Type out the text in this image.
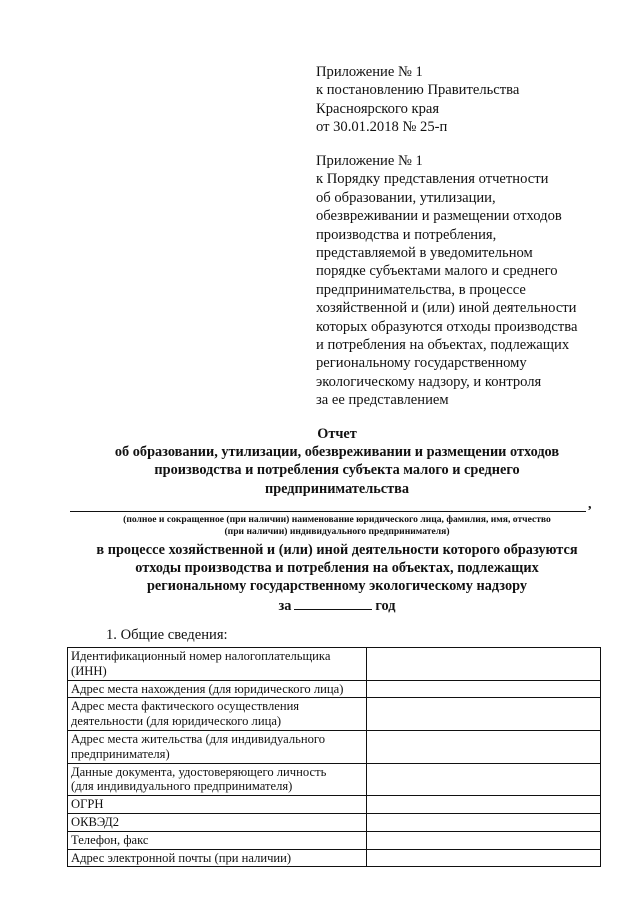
Приложение № 1
к постановлению Правительства
Красноярского края
от 30.01.2018 № 25-п
Приложение № 1
к Порядку представления отчетности
об образовании, утилизации,
обезвреживании и размещении отходов
производства и потребления,
представляемой в уведомительном
порядке субъектами малого и среднего
предпринимательства, в процессе
хозяйственной и (или) иной деятельности
которых образуются отходы производства
и потребления на объектах, подлежащих
региональному государственному
экологическому надзору, и контроля
за ее представлением
Отчет
об образовании, утилизации, обезвреживании и размещении отходов
производства и потребления субъекта малого и среднего
предпринимательства
,
(полное и сокращенное (при наличии) наименование юридического лица, фамилия, имя, отчество
(при наличии) индивидуального предпринимателя)
в процессе хозяйственной и (или) иной деятельности которого образуются
отходы производства и потребления на объектах, подлежащих
региональному государственному экологическому надзору
за	год
1. Общие сведения:
Идентификационный номер налогоплательщика
(ИНН)	

Адрес места нахождения (для юридического лица)	

Адрес места фактического осуществления
деятельности (для юридического лица)	

Адрес места жительства (для индивидуального
предпринимателя)	

Данные документа, удостоверяющего личность
(для индивидуального предпринимателя)	

ОГРН	

ОКВЭД2	

Телефон, факс	

Адрес электронной почты (при наличии)	
